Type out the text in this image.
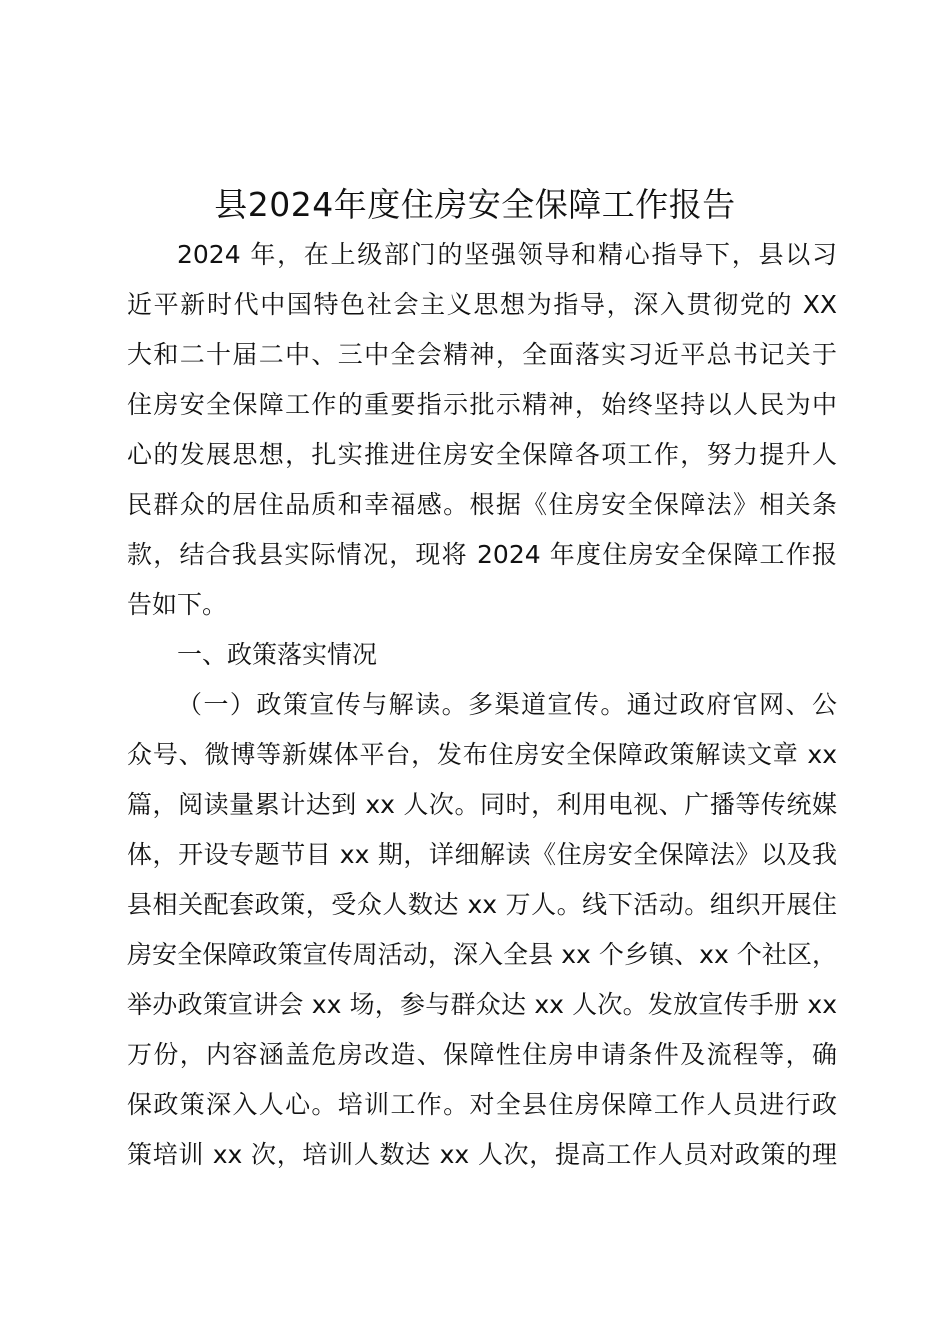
县2024年度住房安全保障工作报告
2024 年，在上级部门的坚强领导和精心指导下，县以习
近平新时代中国特色社会主义思想为指导，深入贯彻党的 XX
大和二十届二中、三中全会精神，全面落实习近平总书记关于
住房安全保障工作的重要指示批示精神，始终坚持以人民为中
心的发展思想，扎实推进住房安全保障各项工作，努力提升人
民群众的居住品质和幸福感。根据《住房安全保障法》相关条
款，结合我县实际情况，现将 2024 年度住房安全保障工作报
告如下。
一、政策落实情况
（一）政策宣传与解读。多渠道宣传。通过政府官网、公
众号、微博等新媒体平台，发布住房安全保障政策解读文章 xx
篇，阅读量累计达到 xx 人次。同时，利用电视、广播等传统媒
体，开设专题节目 xx 期，详细解读《住房安全保障法》以及我
县相关配套政策，受众人数达 xx 万人。线下活动。组织开展住
房安全保障政策宣传周活动，深入全县 xx 个乡镇、xx 个社区，
举办政策宣讲会 xx 场，参与群众达 xx 人次。发放宣传手册 xx
万份，内容涵盖危房改造、保障性住房申请条件及流程等，确
保政策深入人心。培训工作。对全县住房保障工作人员进行政
策培训 xx 次，培训人数达 xx 人次，提高工作人员对政策的理
